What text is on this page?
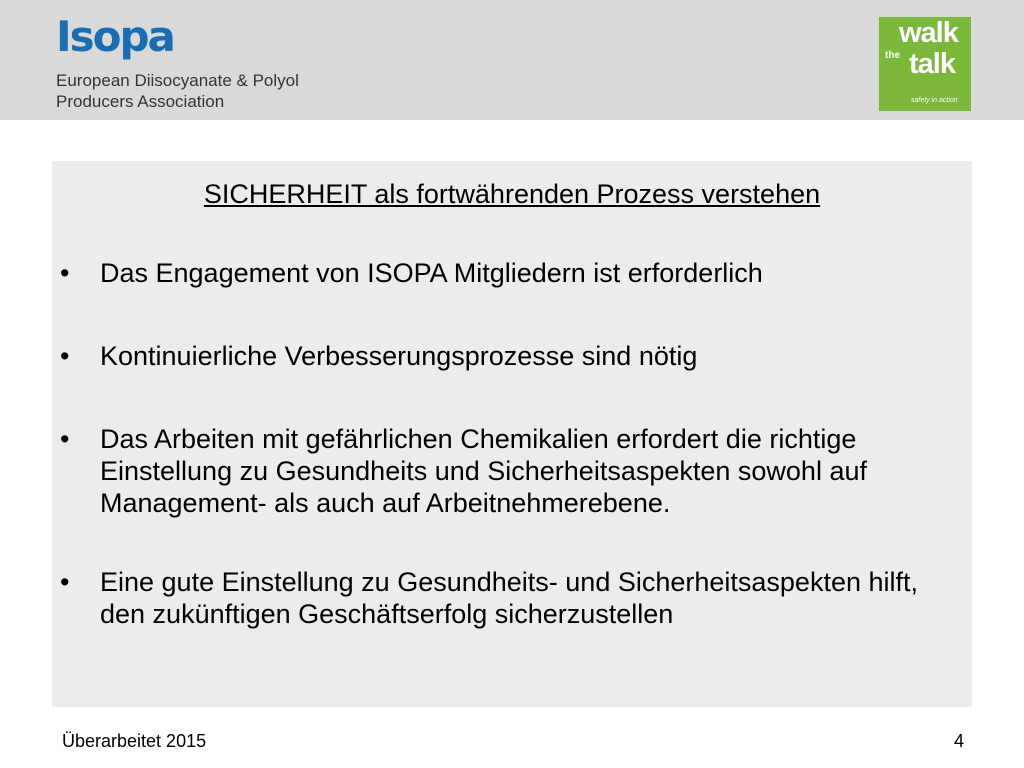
Isopa
European Diisocyanate & Polyol
Producers Association
walk
the talk
safety in action
SICHERHEIT als fortwährenden Prozess verstehen
•	Das Engagement von ISOPA Mitgliedern ist erforderlich
•	Kontinuierliche Verbesserungsprozesse sind nötig
•	Das Arbeiten mit gefährlichen Chemikalien erfordert die richtige Einstellung zu Gesundheits und Sicherheitsaspekten sowohl auf Management- als auch auf Arbeitnehmerebene.
•	Eine gute Einstellung zu Gesundheits- und Sicherheitsaspekten hilft, den zukünftigen Geschäftserfolg sicherzustellen
Überarbeitet 2015	4
